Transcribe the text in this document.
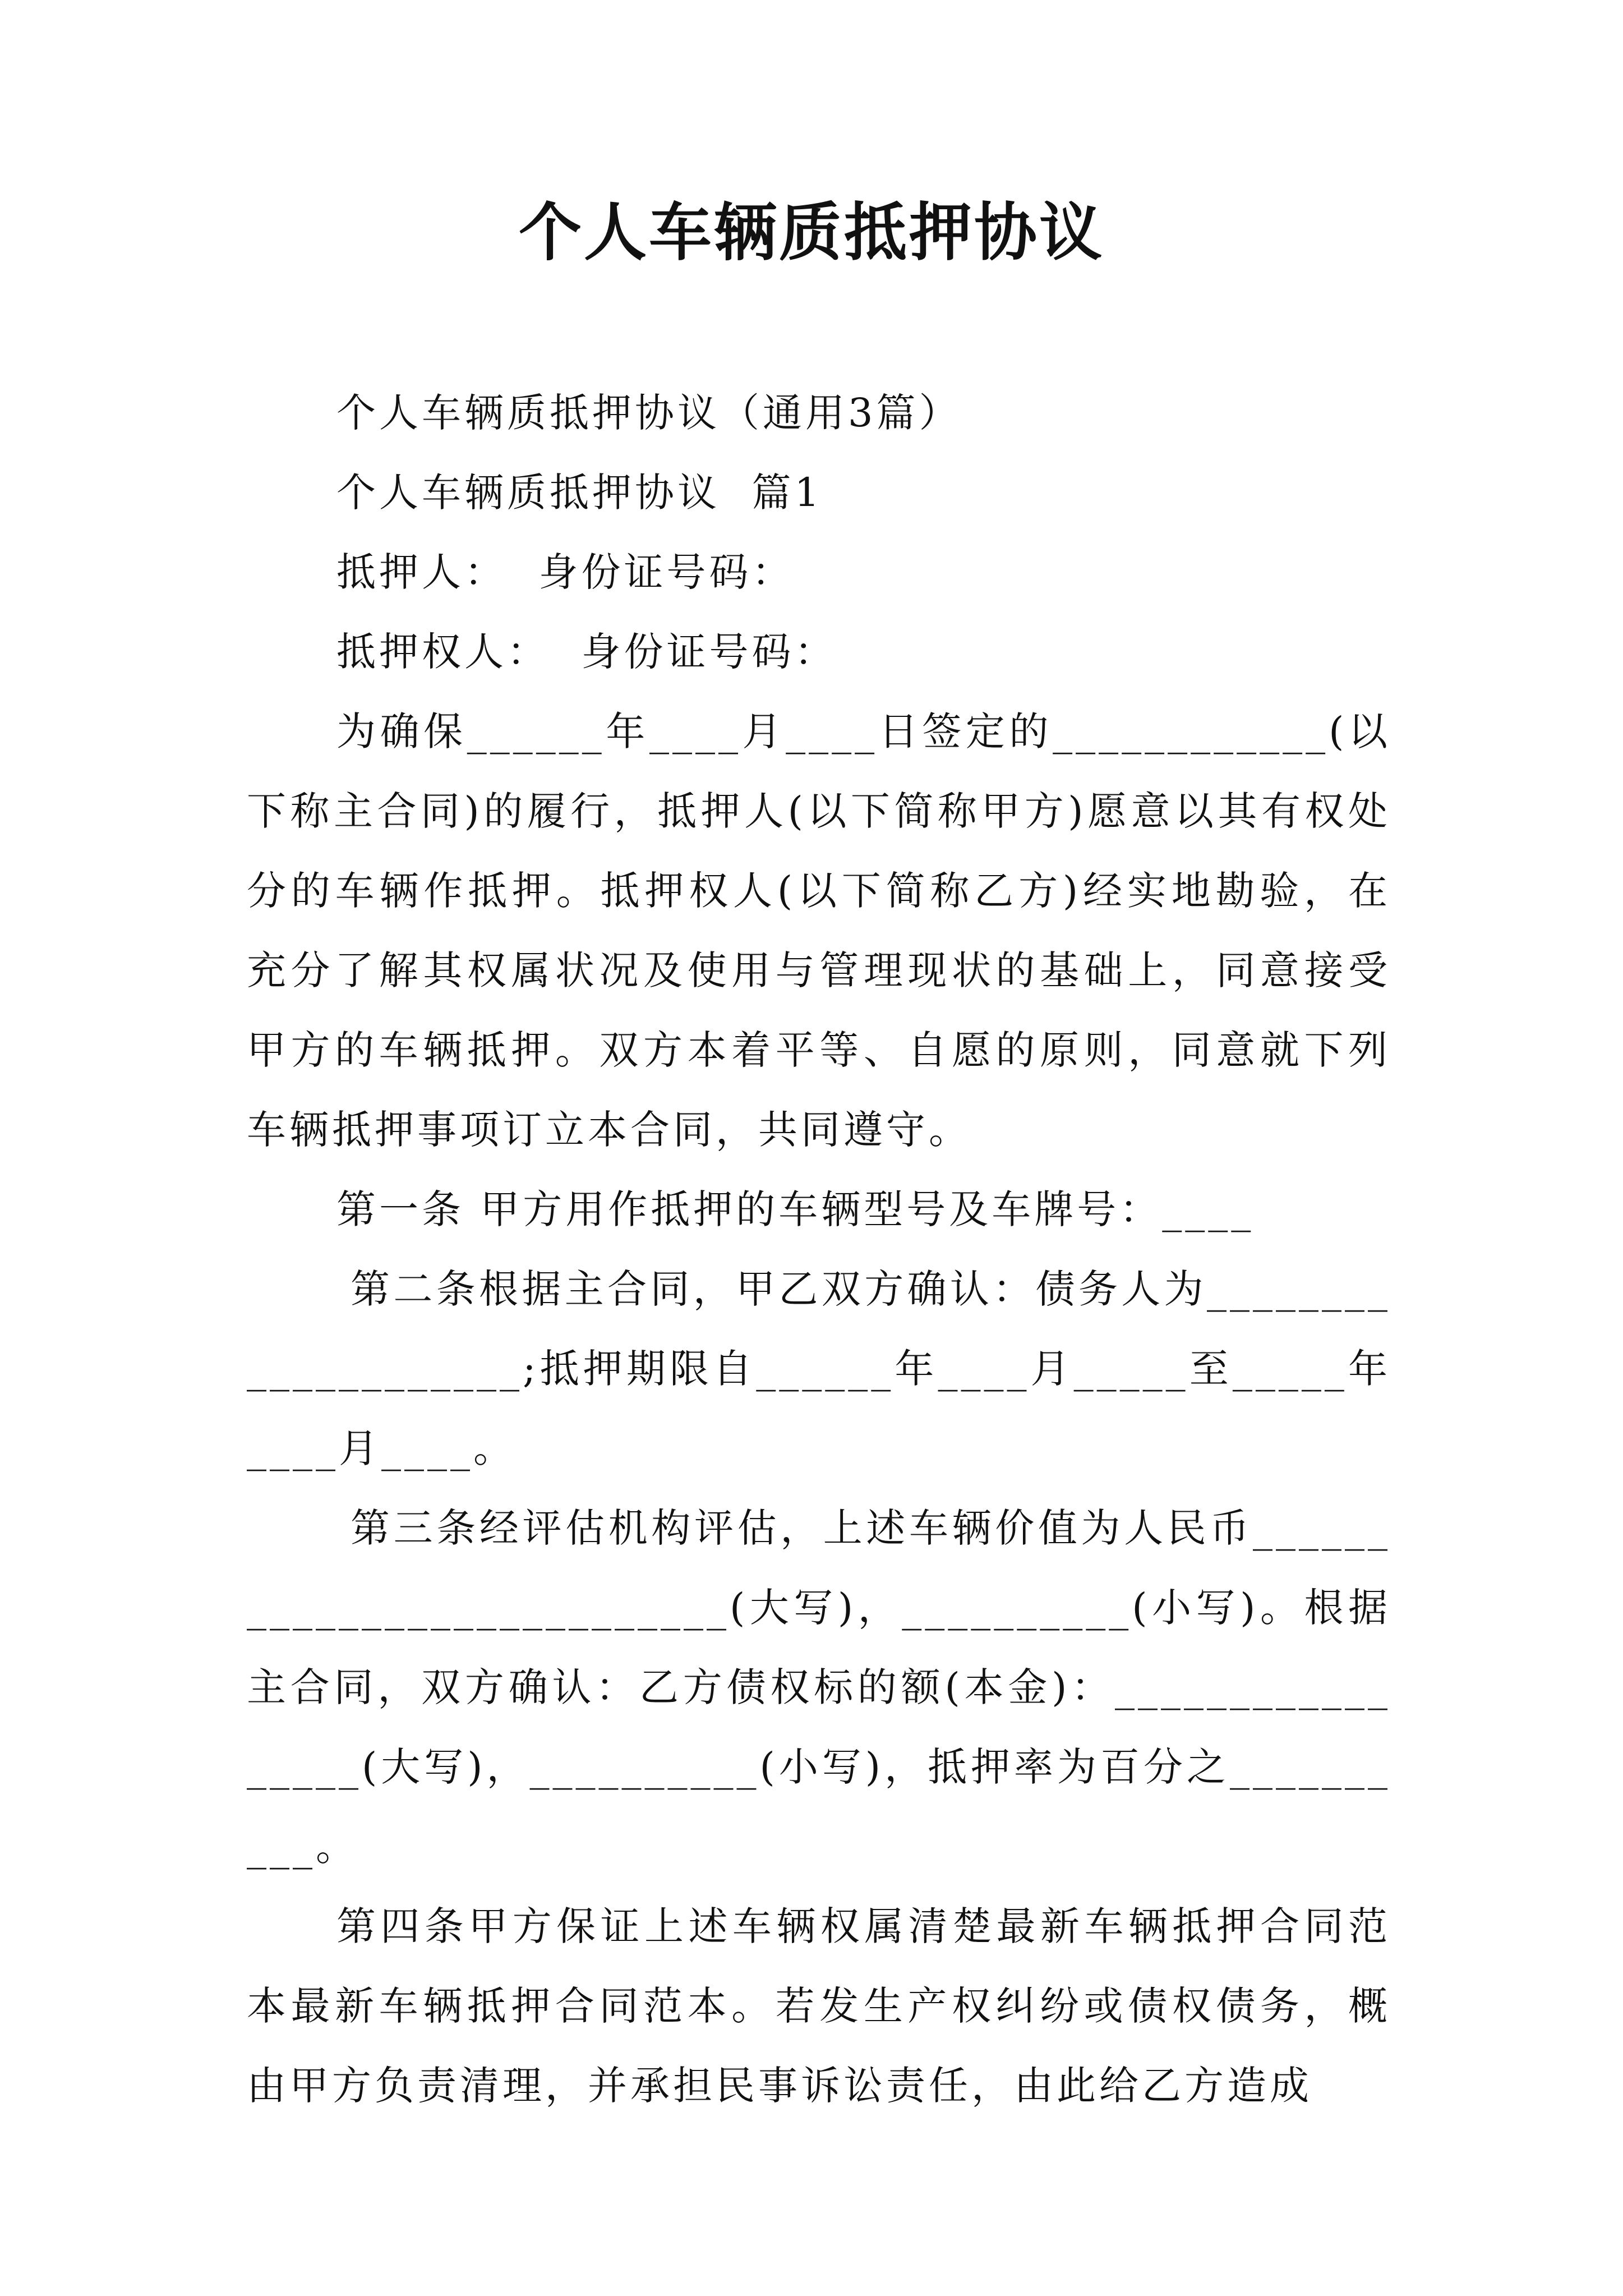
个人车辆质抵押协议

个人车辆质抵押协议（通用3篇）

个人车辆质抵押协议  篇1

抵押人：  身份证号码：

抵押权人：  身份证号码：

为确保______年____月____日签定的____________(以下称主合同)的履行，抵押人(以下简称甲方)愿意以其有权处分的车辆作抵押。抵押权人(以下简称乙方)经实地勘验，在充分了解其权属状况及使用与管理现状的基础上，同意接受甲方的车辆抵押。双方本着平等、自愿的原则，同意就下列车辆抵押事项订立本合同，共同遵守。

第一条 甲方用作抵押的车辆型号及车牌号：____

第二条根据主合同，甲乙双方确认：债务人为____________________;抵押期限自______年____月_____至_____年____月____。

第三条经评估机构评估，上述车辆价值为人民币___________________________(大写)，__________(小写)。根据主合同，双方确认：乙方债权标的额(本金)：_________________(大写)，__________(小写)，抵押率为百分之__________。

第四条甲方保证上述车辆权属清楚最新车辆抵押合同范本最新车辆抵押合同范本。若发生产权纠纷或债权债务，概由甲方负责清理，并承担民事诉讼责任，由此给乙方造成
